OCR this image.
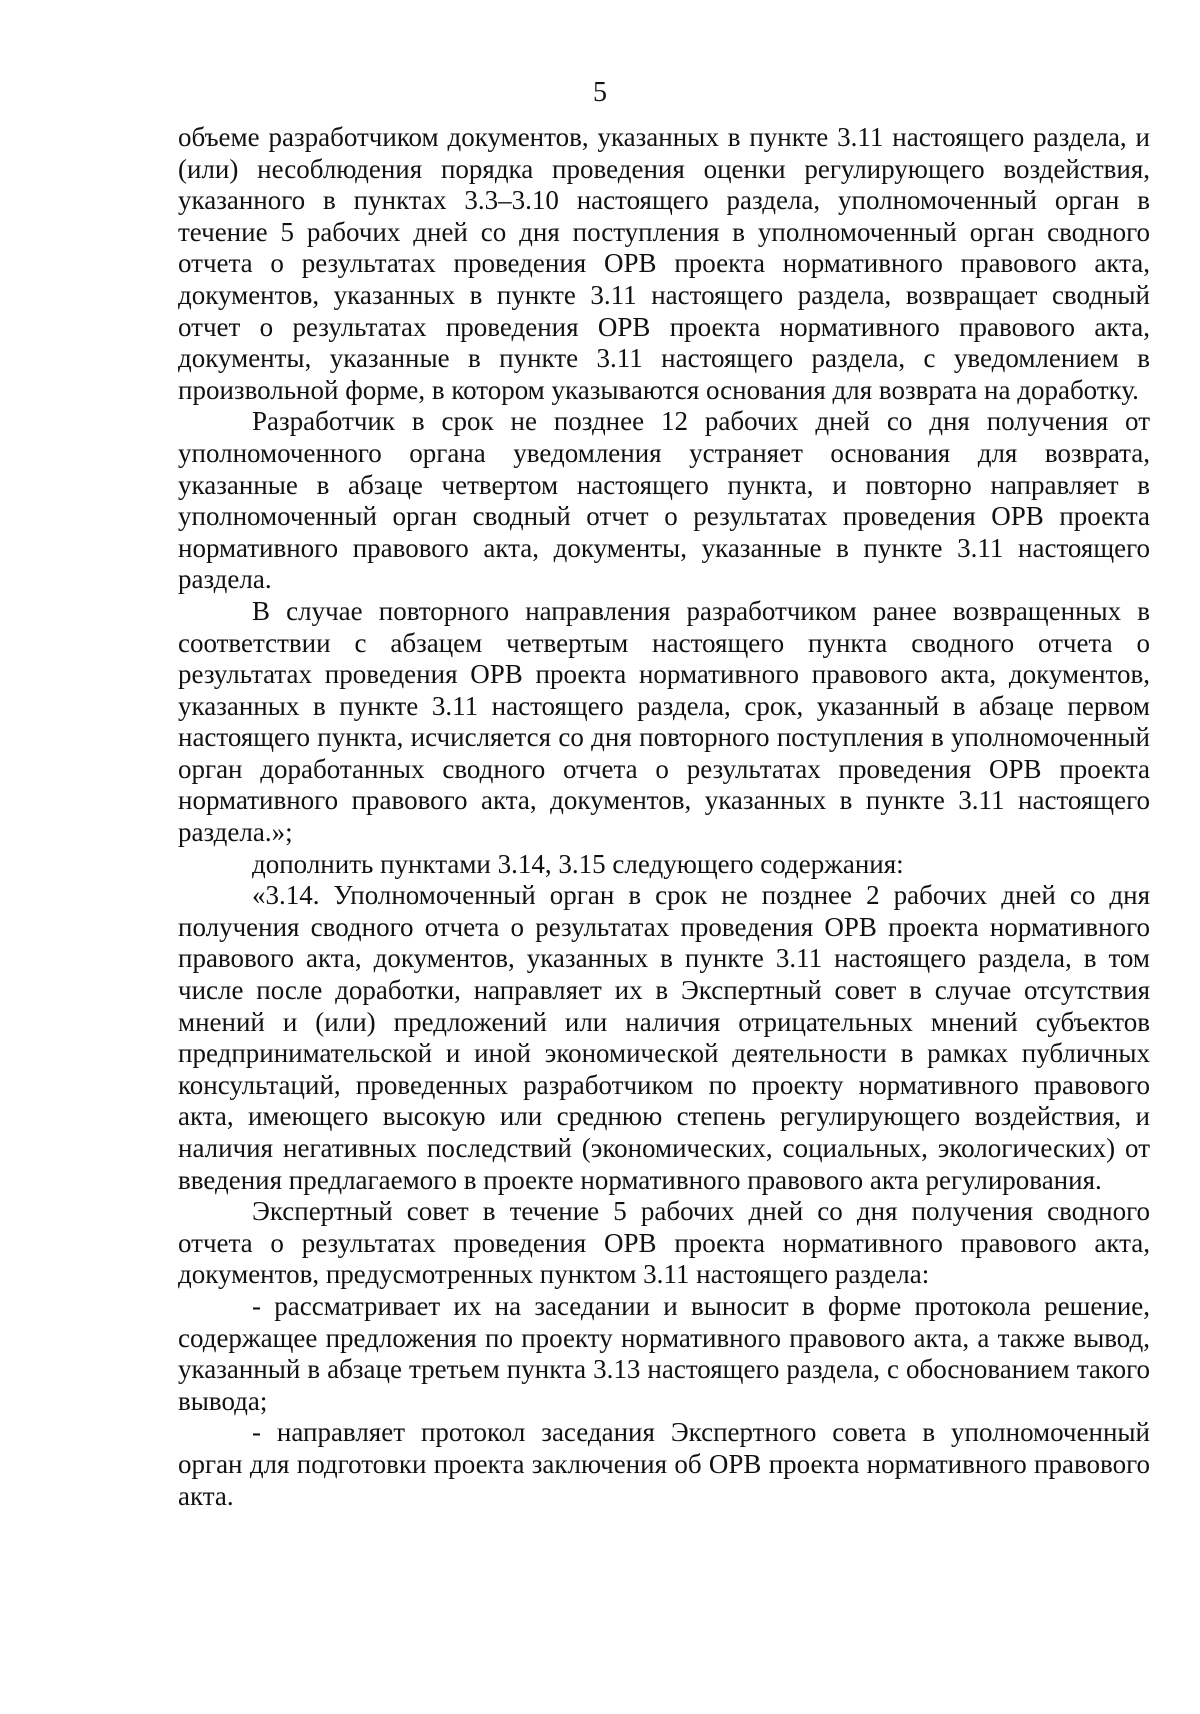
5

объеме разработчиком документов, указанных в пункте 3.11 настоящего раздела, и (или) несоблюдения порядка проведения оценки регулирующего воздействия, указанного в пунктах 3.3–3.10 настоящего раздела, уполномоченный орган в течение 5 рабочих дней со дня поступления в уполномоченный орган сводного отчета о результатах проведения ОРВ проекта нормативного правового акта, документов, указанных в пункте 3.11 настоящего раздела, возвращает сводный отчет о результатах проведения ОРВ проекта нормативного правового акта, документы, указанные в пункте 3.11 настоящего раздела, с уведомлением в произвольной форме, в котором указываются основания для возврата на доработку.

Разработчик в срок не позднее 12 рабочих дней со дня получения от уполномоченного органа уведомления устраняет основания для возврата, указанные в абзаце четвертом настоящего пункта, и повторно направляет в уполномоченный орган сводный отчет о результатах проведения ОРВ проекта нормативного правового акта, документы, указанные в пункте 3.11 настоящего раздела.

В случае повторного направления разработчиком ранее возвращенных в соответствии с абзацем четвертым настоящего пункта сводного отчета о результатах проведения ОРВ проекта нормативного правового акта, документов, указанных в пункте 3.11 настоящего раздела, срок, указанный в абзаце первом настоящего пункта, исчисляется со дня повторного поступления в уполномоченный орган доработанных сводного отчета о результатах проведения ОРВ проекта нормативного правового акта, документов, указанных в пункте 3.11 настоящего раздела.»;

дополнить пунктами 3.14, 3.15 следующего содержания:

«3.14. Уполномоченный орган в срок не позднее 2 рабочих дней со дня получения сводного отчета о результатах проведения ОРВ проекта нормативного правового акта, документов, указанных в пункте 3.11 настоящего раздела, в том числе после доработки, направляет их в Экспертный совет в случае отсутствия мнений и (или) предложений или наличия отрицательных мнений субъектов предпринимательской и иной экономической деятельности в рамках публичных консультаций, проведенных разработчиком по проекту нормативного правового акта, имеющего высокую или среднюю степень регулирующего воздействия, и наличия негативных последствий (экономических, социальных, экологических) от введения предлагаемого в проекте нормативного правового акта регулирования.

Экспертный совет в течение 5 рабочих дней со дня получения сводного отчета о результатах проведения ОРВ проекта нормативного правового акта, документов, предусмотренных пунктом 3.11 настоящего раздела:

- рассматривает их на заседании и выносит в форме протокола решение, содержащее предложения по проекту нормативного правового акта, а также вывод, указанный в абзаце третьем пункта 3.13 настоящего раздела, с обоснованием такого вывода;

- направляет протокол заседания Экспертного совета в уполномоченный орган для подготовки проекта заключения об ОРВ проекта нормативного правового акта.
